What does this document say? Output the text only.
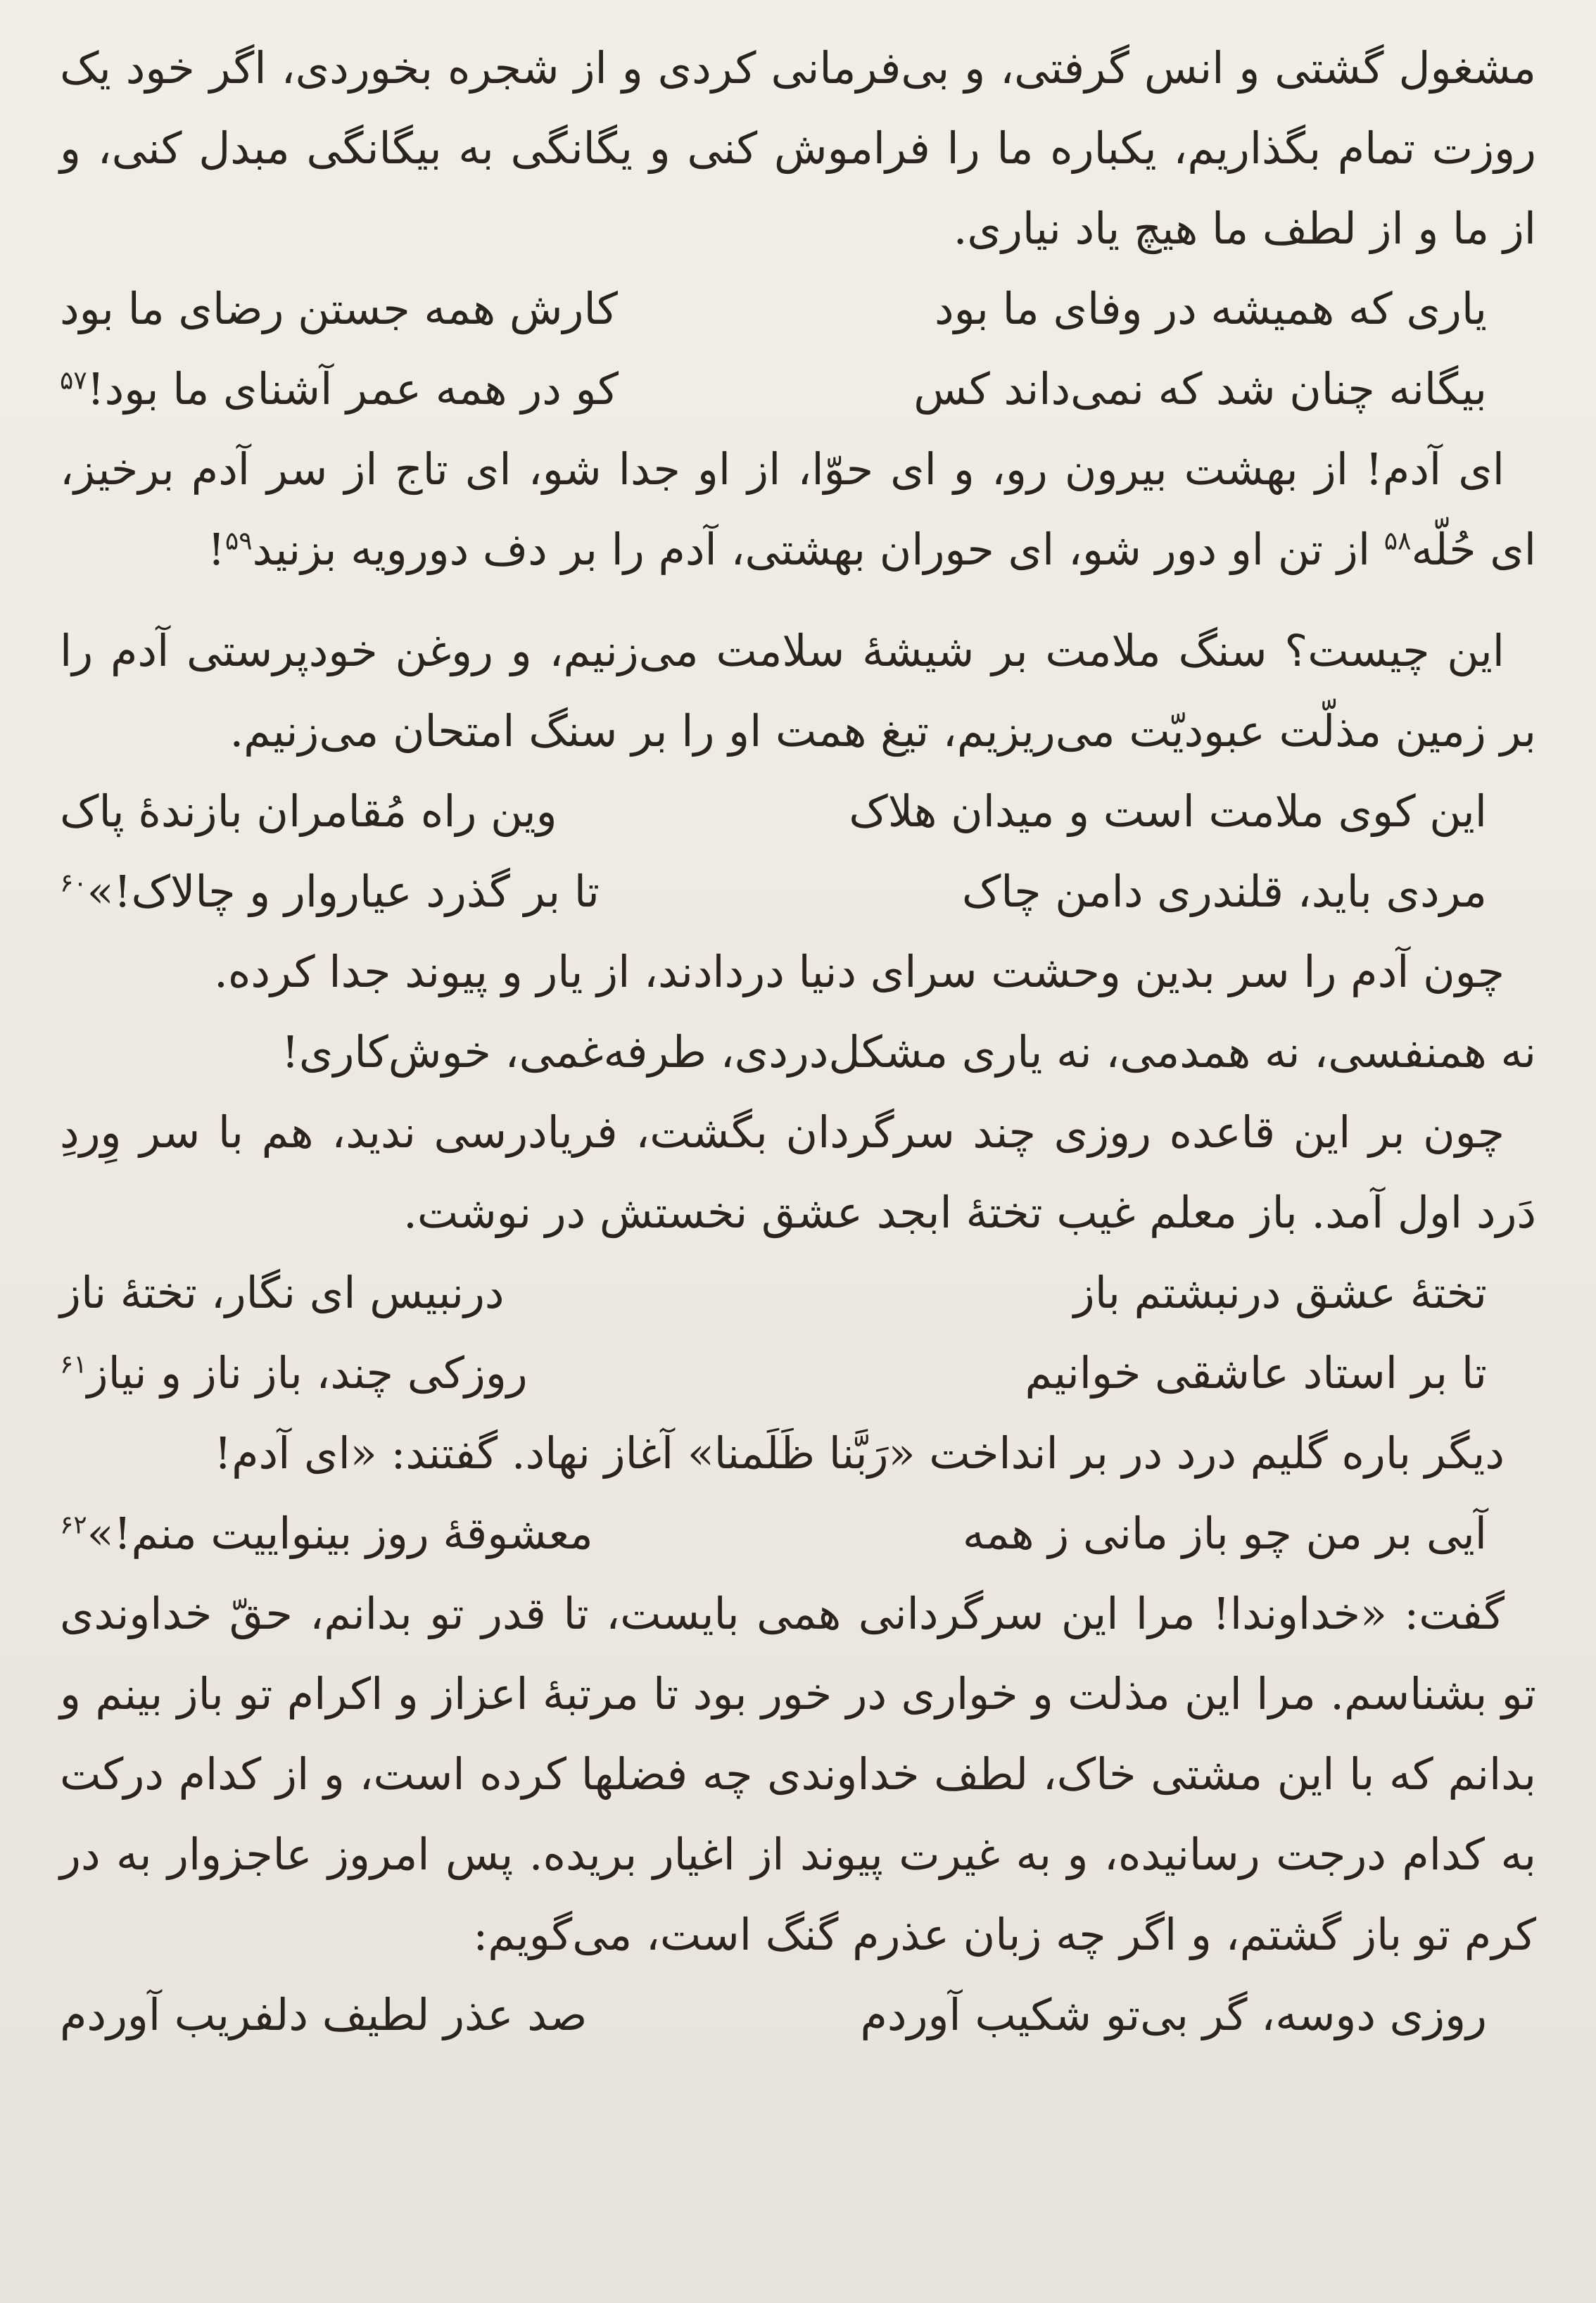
مشغول گشتی و انس گرفتی، و بی‌فرمانی کردی و از شجره بخوردی، اگر خود یک روزت تمام بگذاریم، یکباره ما را فراموش کنی و یگانگی به بیگانگی مبدل کنی، و از ما و از لطف ما هیچ یاد نیاری.

یاری که همیشه در وفای ما بود
کارش همه جستن رضای ما بود
بیگانه چنان شد که نمی‌داند کس
کو در همه عمر آشنای ما بود!$^{۵۷}$

ای آدم! از بهشت بیرون رو، و ای حوّا، از او جدا شو، ای تاج از سر آدم برخیز، ای حُلّه$^{۵۸}$ از تن او دور شو، ای حوران بهشتی، آدم را بر دف دورویه بزنید$^{۵۹}$!

این چیست؟ سنگ ملامت بر شیشهٔ سلامت می‌زنیم، و روغن خودپرستی آدم را بر زمین مذلّت عبودیّت می‌ریزیم، تیغ همت او را بر سنگ امتحان می‌زنیم.

این کوی ملامت است و میدان هلاک
وین راه مُقامران بازندهٔ پاک
مردی باید، قلندری دامن چاک
تا بر گذرد عیاروار و چالاک!»$^{۶۰}$

چون آدم را سر بدین وحشت سرای دنیا دردادند، از یار و پیوند جدا کرده.

نه همنفسی، نه همدمی، نه یاری مشکل‌دردی، طرفه‌غمی، خوش‌کاری!

چون بر این قاعده روزی چند سرگردان بگشت، فریادرسی ندید، هم با سر وِردِ دَرد اول آمد. باز معلم غیب تختهٔ ابجد عشق نخستش در نوشت.

تختهٔ عشق درنبشتم باز
درنبیس ای نگار، تختهٔ ناز
تا بر استاد عاشقی خوانیم
روزکی چند، باز ناز و نیاز$^{۶۱}$

دیگر باره گلیم درد در بر انداخت «رَبَّنا ظَلَمنا» آغاز نهاد. گفتند: «ای آدم!

آیی بر من چو باز مانی ز همه
معشوقهٔ روز بینواییت منم!»$^{۶۲}$

گفت: «خداوندا! مرا این سرگردانی همی بایست، تا قدر تو بدانم، حقّ خداوندی تو بشناسم. مرا این مذلت و خواری در خور بود تا مرتبهٔ اعزاز و اکرام تو باز بینم و بدانم که با این مشتی خاک، لطف خداوندی چه فضلها کرده است، و از کدام درکت به کدام درجت رسانیده، و به غیرت پیوند از اغیار بریده. پس امروز عاجزوار به در کرم تو باز گشتم، و اگر چه زبان عذرم گنگ است، می‌گویم:

روزی دوسه، گر بی‌تو شکیب آوردم
صد عذر لطیف دلفریب آوردم
